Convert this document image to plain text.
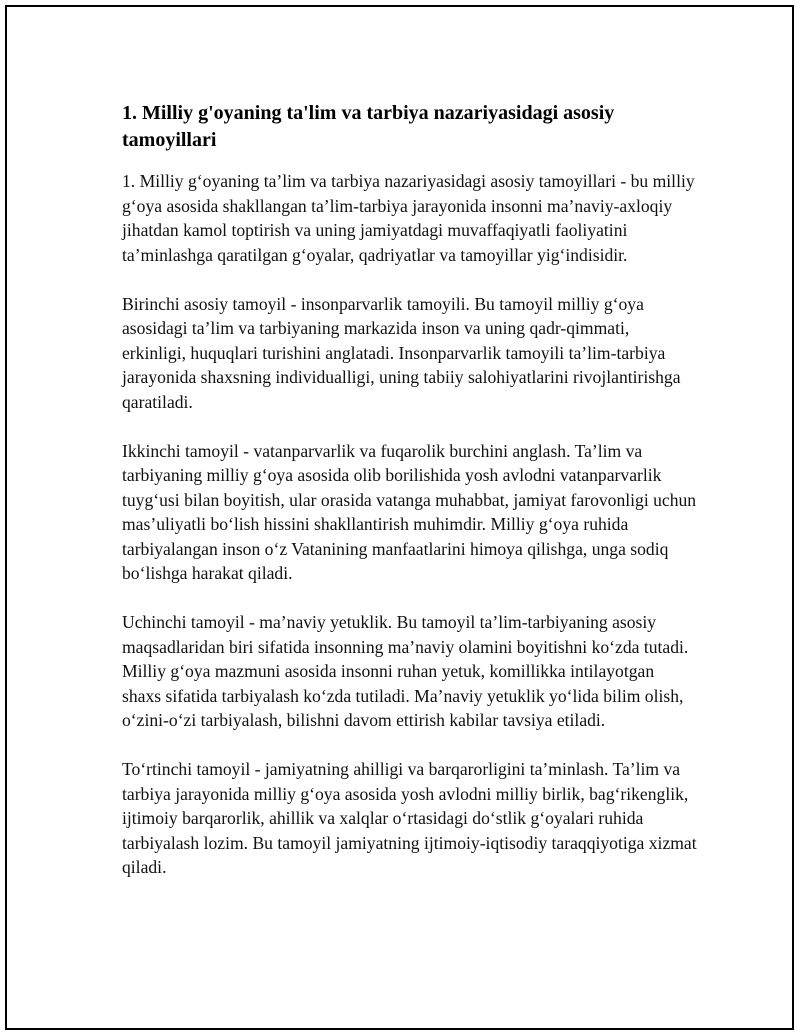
1. Milliy g'oyaning ta'lim va tarbiya nazariyasidagi asosiy tamoyillari

1. Milliy g‘oyaning ta’lim va tarbiya nazariyasidagi asosiy tamoyillari - bu milliy g‘oya asosida shakllangan ta’lim-tarbiya jarayonida insonni ma’naviy-axloqiy jihatdan kamol toptirish va uning jamiyatdagi muvaffaqiyatli faoliyatini ta’minlashga qaratilgan g‘oyalar, qadriyatlar va tamoyillar yig‘indisidir.

Birinchi asosiy tamoyil - insonparvarlik tamoyili. Bu tamoyil milliy g‘oya asosidagi ta’lim va tarbiyaning markazida inson va uning qadr-qimmati, erkinligi, huquqlari turishini anglatadi. Insonparvarlik tamoyili ta’lim-tarbiya jarayonida shaxsning individualligi, uning tabiiy salohiyatlarini rivojlantirishga qaratiladi.

Ikkinchi tamoyil - vatanparvarlik va fuqarolik burchini anglash. Ta’lim va tarbiyaning milliy g‘oya asosida olib borilishida yosh avlodni vatanparvarlik tuyg‘usi bilan boyitish, ular orasida vatanga muhabbat, jamiyat farovonligi uchun mas’uliyatli bo‘lish hissini shakllantirish muhimdir. Milliy g‘oya ruhida tarbiyalangan inson o‘z Vatanining manfaatlarini himoya qilishga, unga sodiq bo‘lishga harakat qiladi.

Uchinchi tamoyil - ma’naviy yetuklik. Bu tamoyil ta’lim-tarbiyaning asosiy maqsadlaridan biri sifatida insonning ma’naviy olamini boyitishni ko‘zda tutadi. Milliy g‘oya mazmuni asosida insonni ruhan yetuk, komillikka intilayotgan shaxs sifatida tarbiyalash ko‘zda tutiladi. Ma’naviy yetuklik yo‘lida bilim olish, o‘zini-o‘zi tarbiyalash, bilishni davom ettirish kabilar tavsiya etiladi.

To‘rtinchi tamoyil - jamiyatning ahilligi va barqarorligini ta’minlash. Ta’lim va tarbiya jarayonida milliy g‘oya asosida yosh avlodni milliy birlik, bag‘rikenglik, ijtimoiy barqarorlik, ahillik va xalqlar o‘rtasidagi do‘stlik g‘oyalari ruhida tarbiyalash lozim. Bu tamoyil jamiyatning ijtimoiy-iqtisodiy taraqqiyotiga xizmat qiladi.
